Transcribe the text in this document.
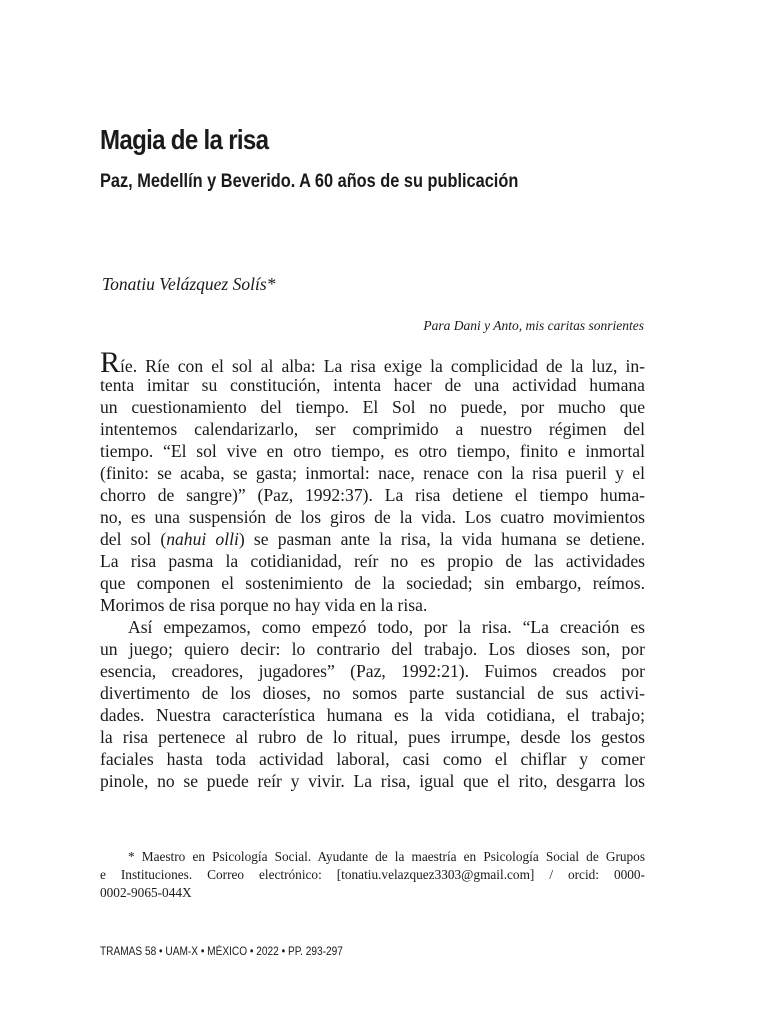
Magia de la risa
Paz, Medellín y Beverido. A 60 años de su publicación
Tonatiu Velázquez Solís*
Para Dani y Anto, mis caritas sonrientes
Ríe. Ríe con el sol al alba: La risa exige la complicidad de la luz, in-
tenta imitar su constitución, intenta hacer de una actividad humana
un cuestionamiento del tiempo. El Sol no puede, por mucho que
intentemos calendarizarlo, ser comprimido a nuestro régimen del
tiempo. “El sol vive en otro tiempo, es otro tiempo, finito e inmortal
(finito: se acaba, se gasta; inmortal: nace, renace con la risa pueril y el
chorro de sangre)” (Paz, 1992:37). La risa detiene el tiempo huma-
no, es una suspensión de los giros de la vida. Los cuatro movimientos
del sol (nahui olli) se pasman ante la risa, la vida humana se detiene.
La risa pasma la cotidianidad, reír no es propio de las actividades
que componen el sostenimiento de la sociedad; sin embargo, reímos.
Morimos de risa porque no hay vida en la risa.
Así empezamos, como empezó todo, por la risa. “La creación es
un juego; quiero decir: lo contrario del trabajo. Los dioses son, por
esencia, creadores, jugadores” (Paz, 1992:21). Fuimos creados por
divertimento de los dioses, no somos parte sustancial de sus activi-
dades. Nuestra característica humana es la vida cotidiana, el trabajo;
la risa pertenece al rubro de lo ritual, pues irrumpe, desde los gestos
faciales hasta toda actividad laboral, casi como el chiflar y comer
pinole, no se puede reír y vivir. La risa, igual que el rito, desgarra los
* Maestro en Psicología Social. Ayudante de la maestría en Psicología Social de Grupos
e Instituciones. Correo electrónico: [tonatiu.velazquez3303@gmail.com] / orcid: 0000-
0002-9065-044X
TRAMAS 58 • UAM-X • MÉXICO • 2022 • PP. 293-297
